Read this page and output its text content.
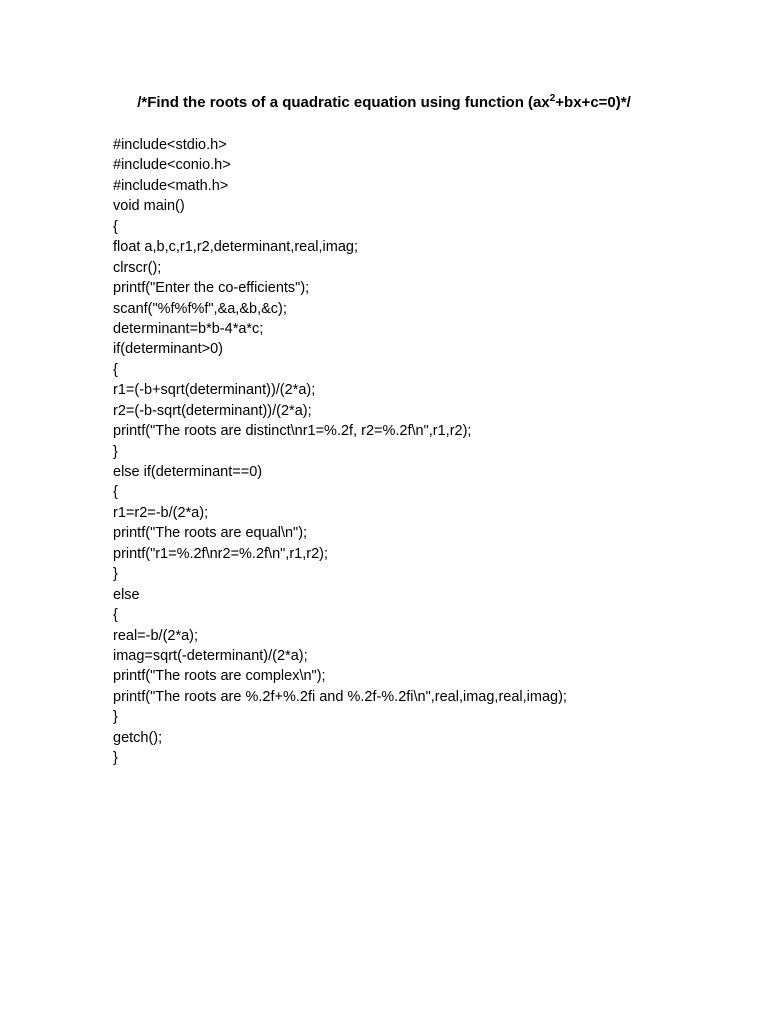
/*Find the roots of a quadratic equation using function $(ax^2+bx+c=0)*/$
#include<stdio.h>
#include<conio.h>
#include<math.h>
void main()
{
float a,b,c,r1,r2,determinant,real,imag;
clrscr();
printf("Enter the co-efficients");
scanf("%f%f%f",&a,&b,&c);
determinant=b*b-4*a*c;
if(determinant>0)
{
r1=(-b+sqrt(determinant))/(2*a);
r2=(-b-sqrt(determinant))/(2*a);
printf("The roots are distinct\nr1=%.2f, r2=%.2f\n",r1,r2);
}
else if(determinant==0)
{
r1=r2=-b/(2*a);
printf("The roots are equal\n");
printf("r1=%.2f\nr2=%.2f\n",r1,r2);
}
else
{
real=-b/(2*a);
imag=sqrt(-determinant)/(2*a);
printf("The roots are complex\n");
printf("The roots are %.2f+%.2fi and %.2f-%.2fi\n",real,imag,real,imag);
}
getch();
}
